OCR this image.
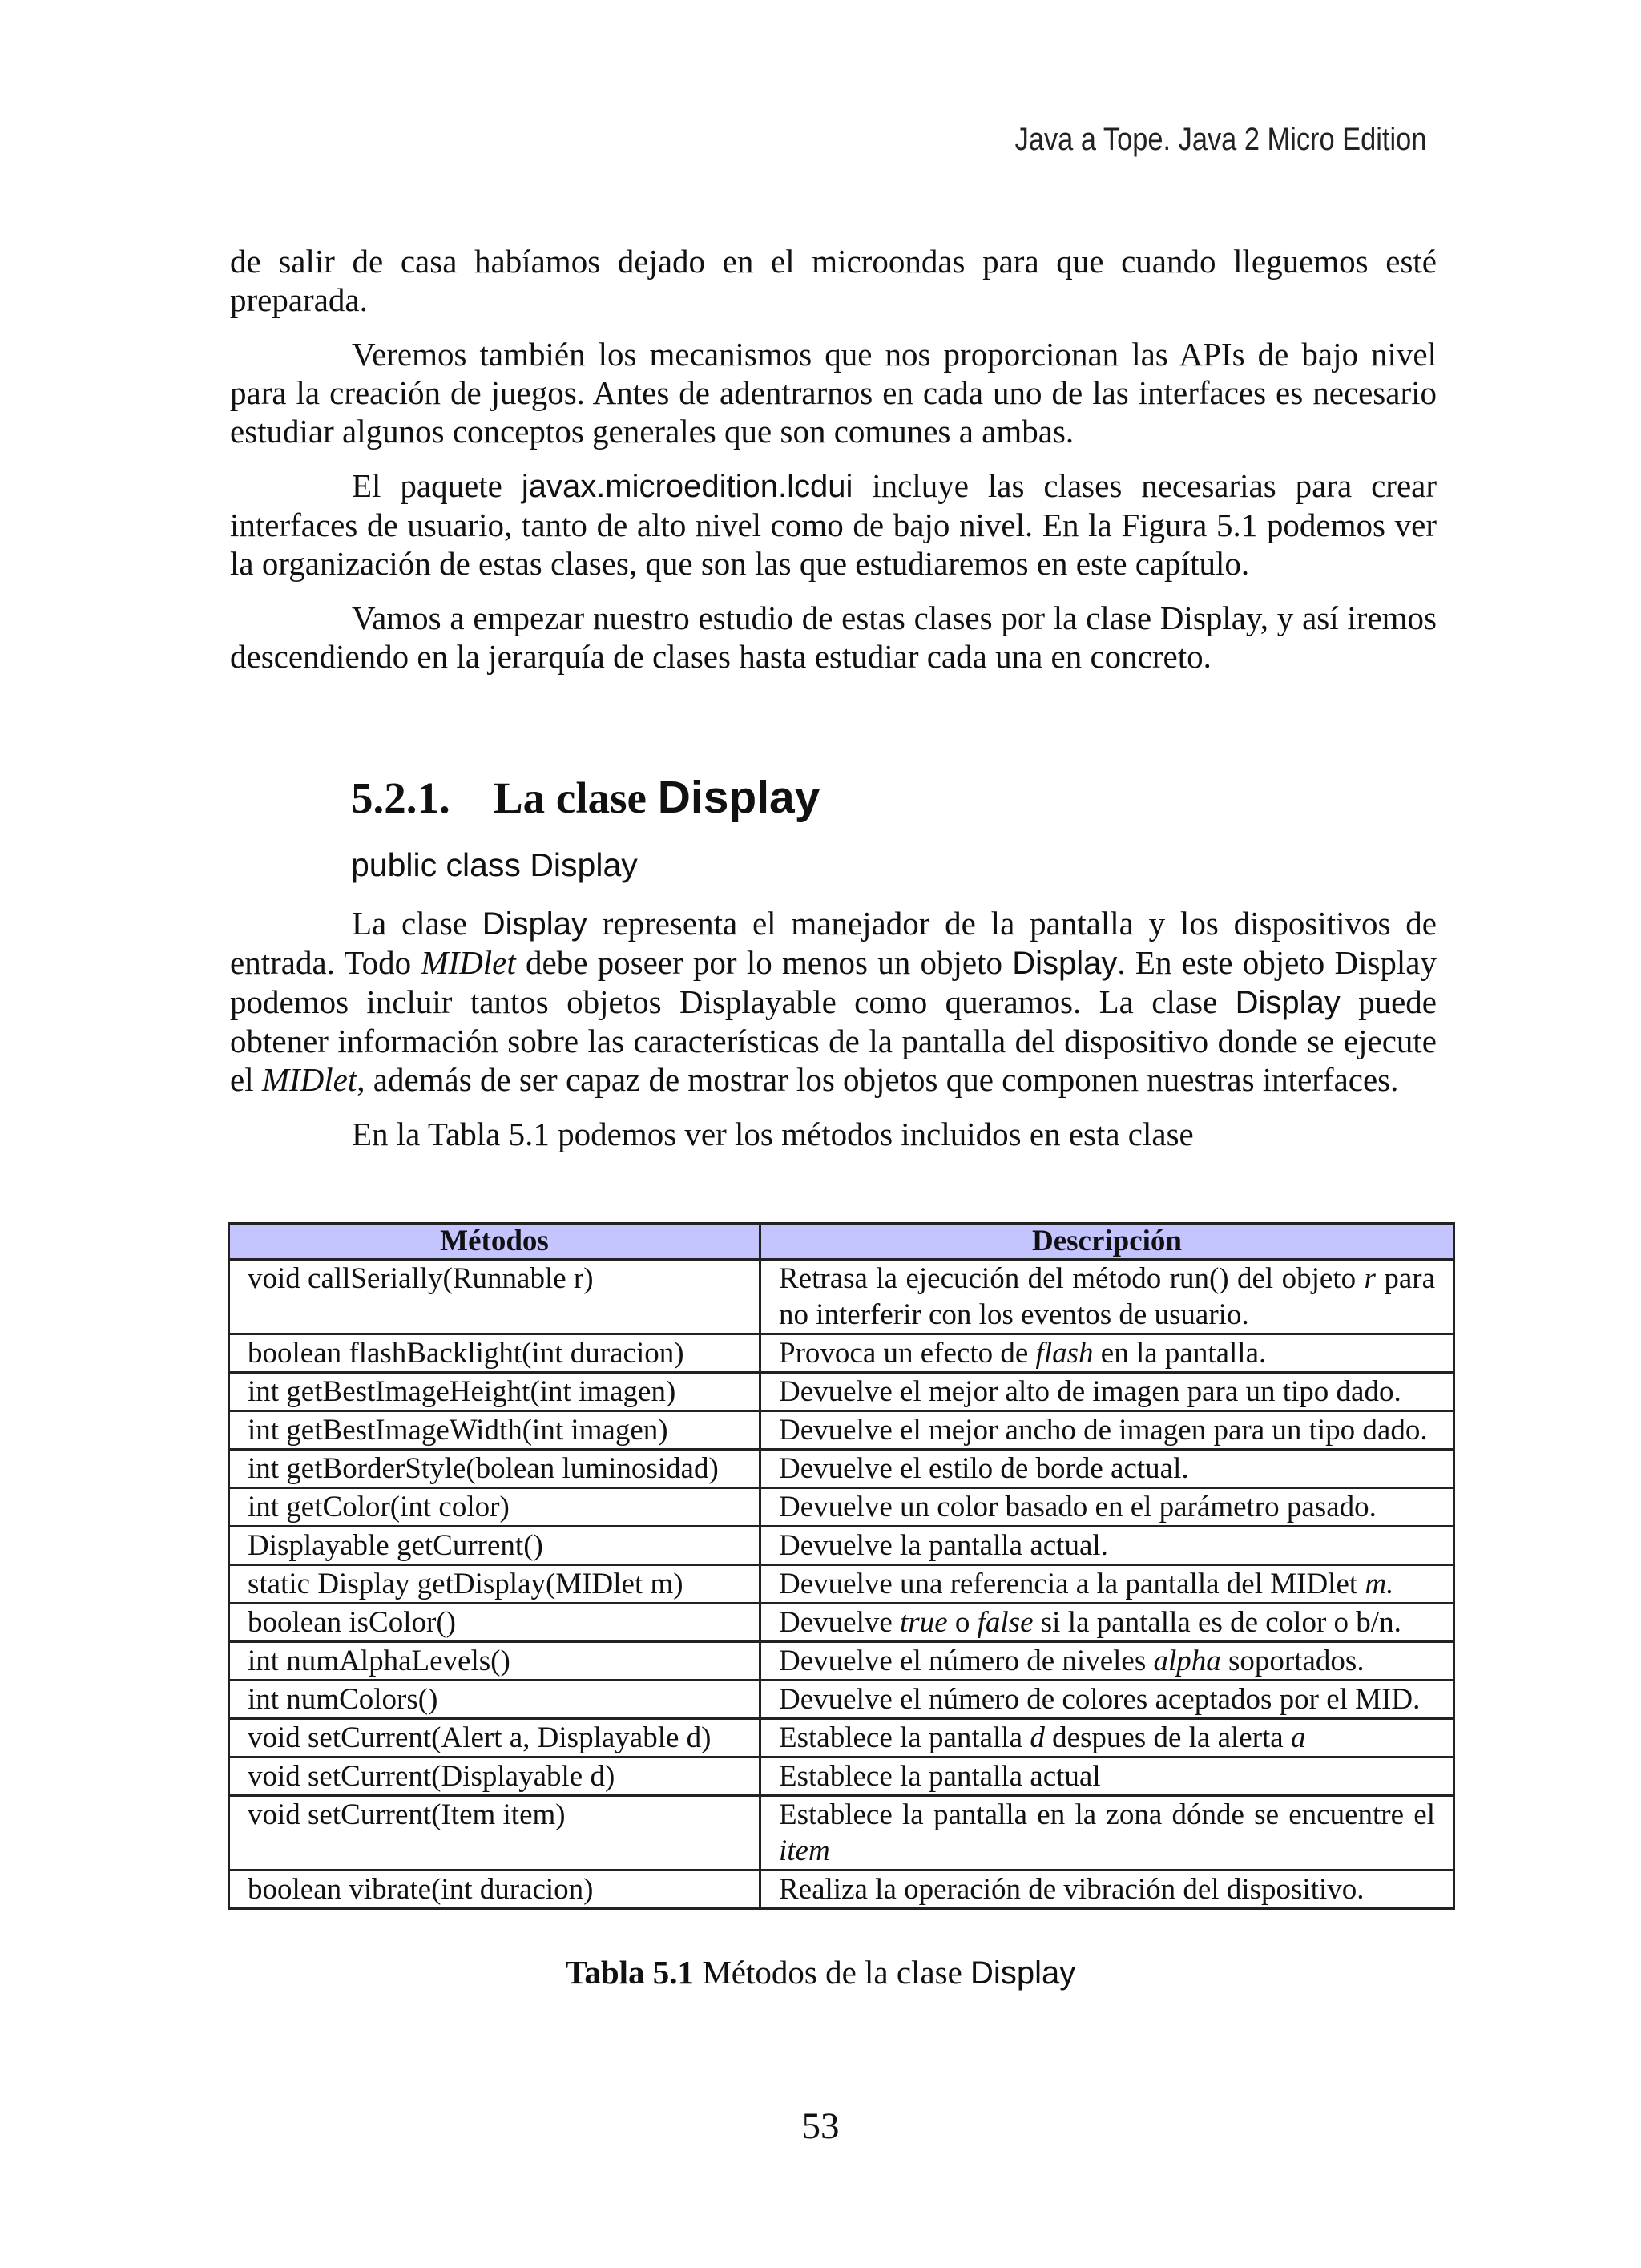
Java a Tope. Java 2 Micro Edition

de salir de casa habíamos dejado en el microondas para que cuando lleguemos esté preparada.

Veremos también los mecanismos que nos proporcionan las APIs de bajo nivel para la creación de juegos. Antes de adentrarnos en cada uno de las interfaces es necesario estudiar algunos conceptos generales que son comunes a ambas.

El paquete javax.microedition.lcdui incluye las clases necesarias para crear interfaces de usuario, tanto de alto nivel como de bajo nivel. En la Figura 5.1 podemos ver la organización de estas clases, que son las que estudiaremos en este capítulo.

Vamos a empezar nuestro estudio de estas clases por la clase Display, y así iremos descendiendo en la jerarquía de clases hasta estudiar cada una en concreto.

5.2.1. La clase Display
public class Display

La clase Display representa el manejador de la pantalla y los dispositivos de entrada. Todo MIDlet debe poseer por lo menos un objeto Display. En este objeto Display podemos incluir tantos objetos Displayable como queramos. La clase Display puede obtener información sobre las características de la pantalla del dispositivo donde se ejecute el MIDlet, además de ser capaz de mostrar los objetos que componen nuestras interfaces.

En la Tabla 5.1 podemos ver los métodos incluidos en esta clase

Métodos	Descripción
void callSerially(Runnable r)	Retrasa la ejecución del método run() del objeto r para no interferir con los eventos de usuario.
boolean flashBacklight(int duracion)	Provoca un efecto de flash en la pantalla.
int getBestImageHeight(int imagen)	Devuelve el mejor alto de imagen para un tipo dado.
int getBestImageWidth(int imagen)	Devuelve el mejor ancho de imagen para un tipo dado.
int getBorderStyle(bolean luminosidad)	Devuelve el estilo de borde actual.
int getColor(int color)	Devuelve un color basado en el parámetro pasado.
Displayable getCurrent()	Devuelve la pantalla actual.
static Display getDisplay(MIDlet m)	Devuelve una referencia a la pantalla del MIDlet m.
boolean isColor()	Devuelve true o false si la pantalla es de color o b/n.
int numAlphaLevels()	Devuelve el número de niveles alpha soportados.
int numColors()	Devuelve el número de colores aceptados por el MID.
void setCurrent(Alert a, Displayable d)	Establece la pantalla d despues de la alerta a
void setCurrent(Displayable d)	Establece la pantalla actual
void setCurrent(Item item)	Establece la pantalla en la zona dónde se encuentre el item
boolean vibrate(int duracion)	Realiza la operación de vibración del dispositivo.
Tabla 5.1 Métodos de la clase Display
53
